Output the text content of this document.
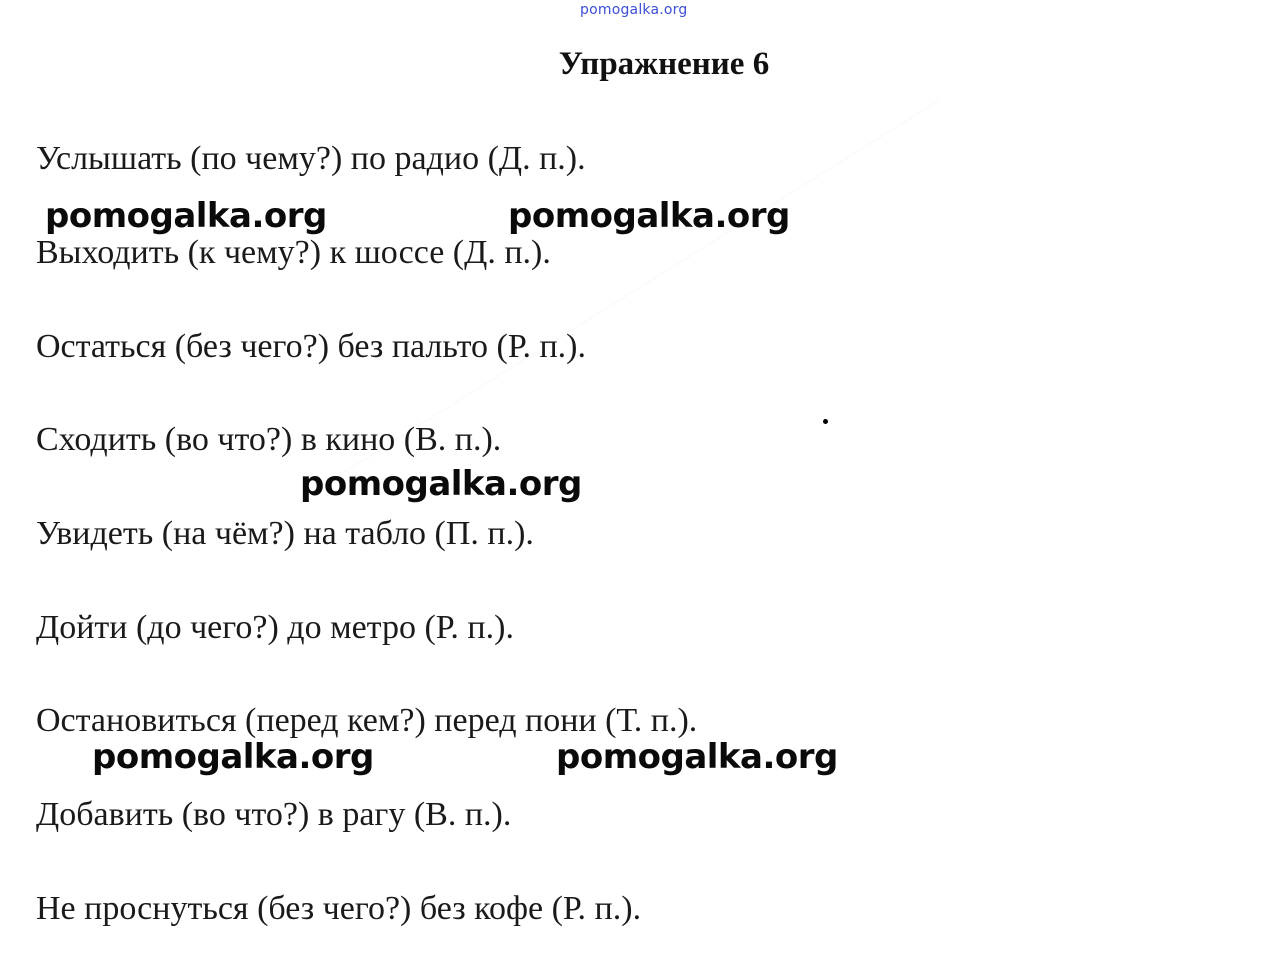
pomogalka.org
Упражнение 6
Услышать (по чему?) по радио (Д. п.).
Выходить (к чему?) к шоссе (Д. п.).
Остаться (без чего?) без пальто (Р. п.).
Сходить (во что?) в кино (В. п.).
Увидеть (на чём?) на табло (П. п.).
Дойти (до чего?) до метро (Р. п.).
Остановиться (перед кем?) перед пони (Т. п.).
Добавить (во что?) в рагу (В. п.).
Не проснуться (без чего?) без кофе (Р. п.).
pomogalka.org	pomogalka.org
pomogalka.org
pomogalka.org	pomogalka.org
